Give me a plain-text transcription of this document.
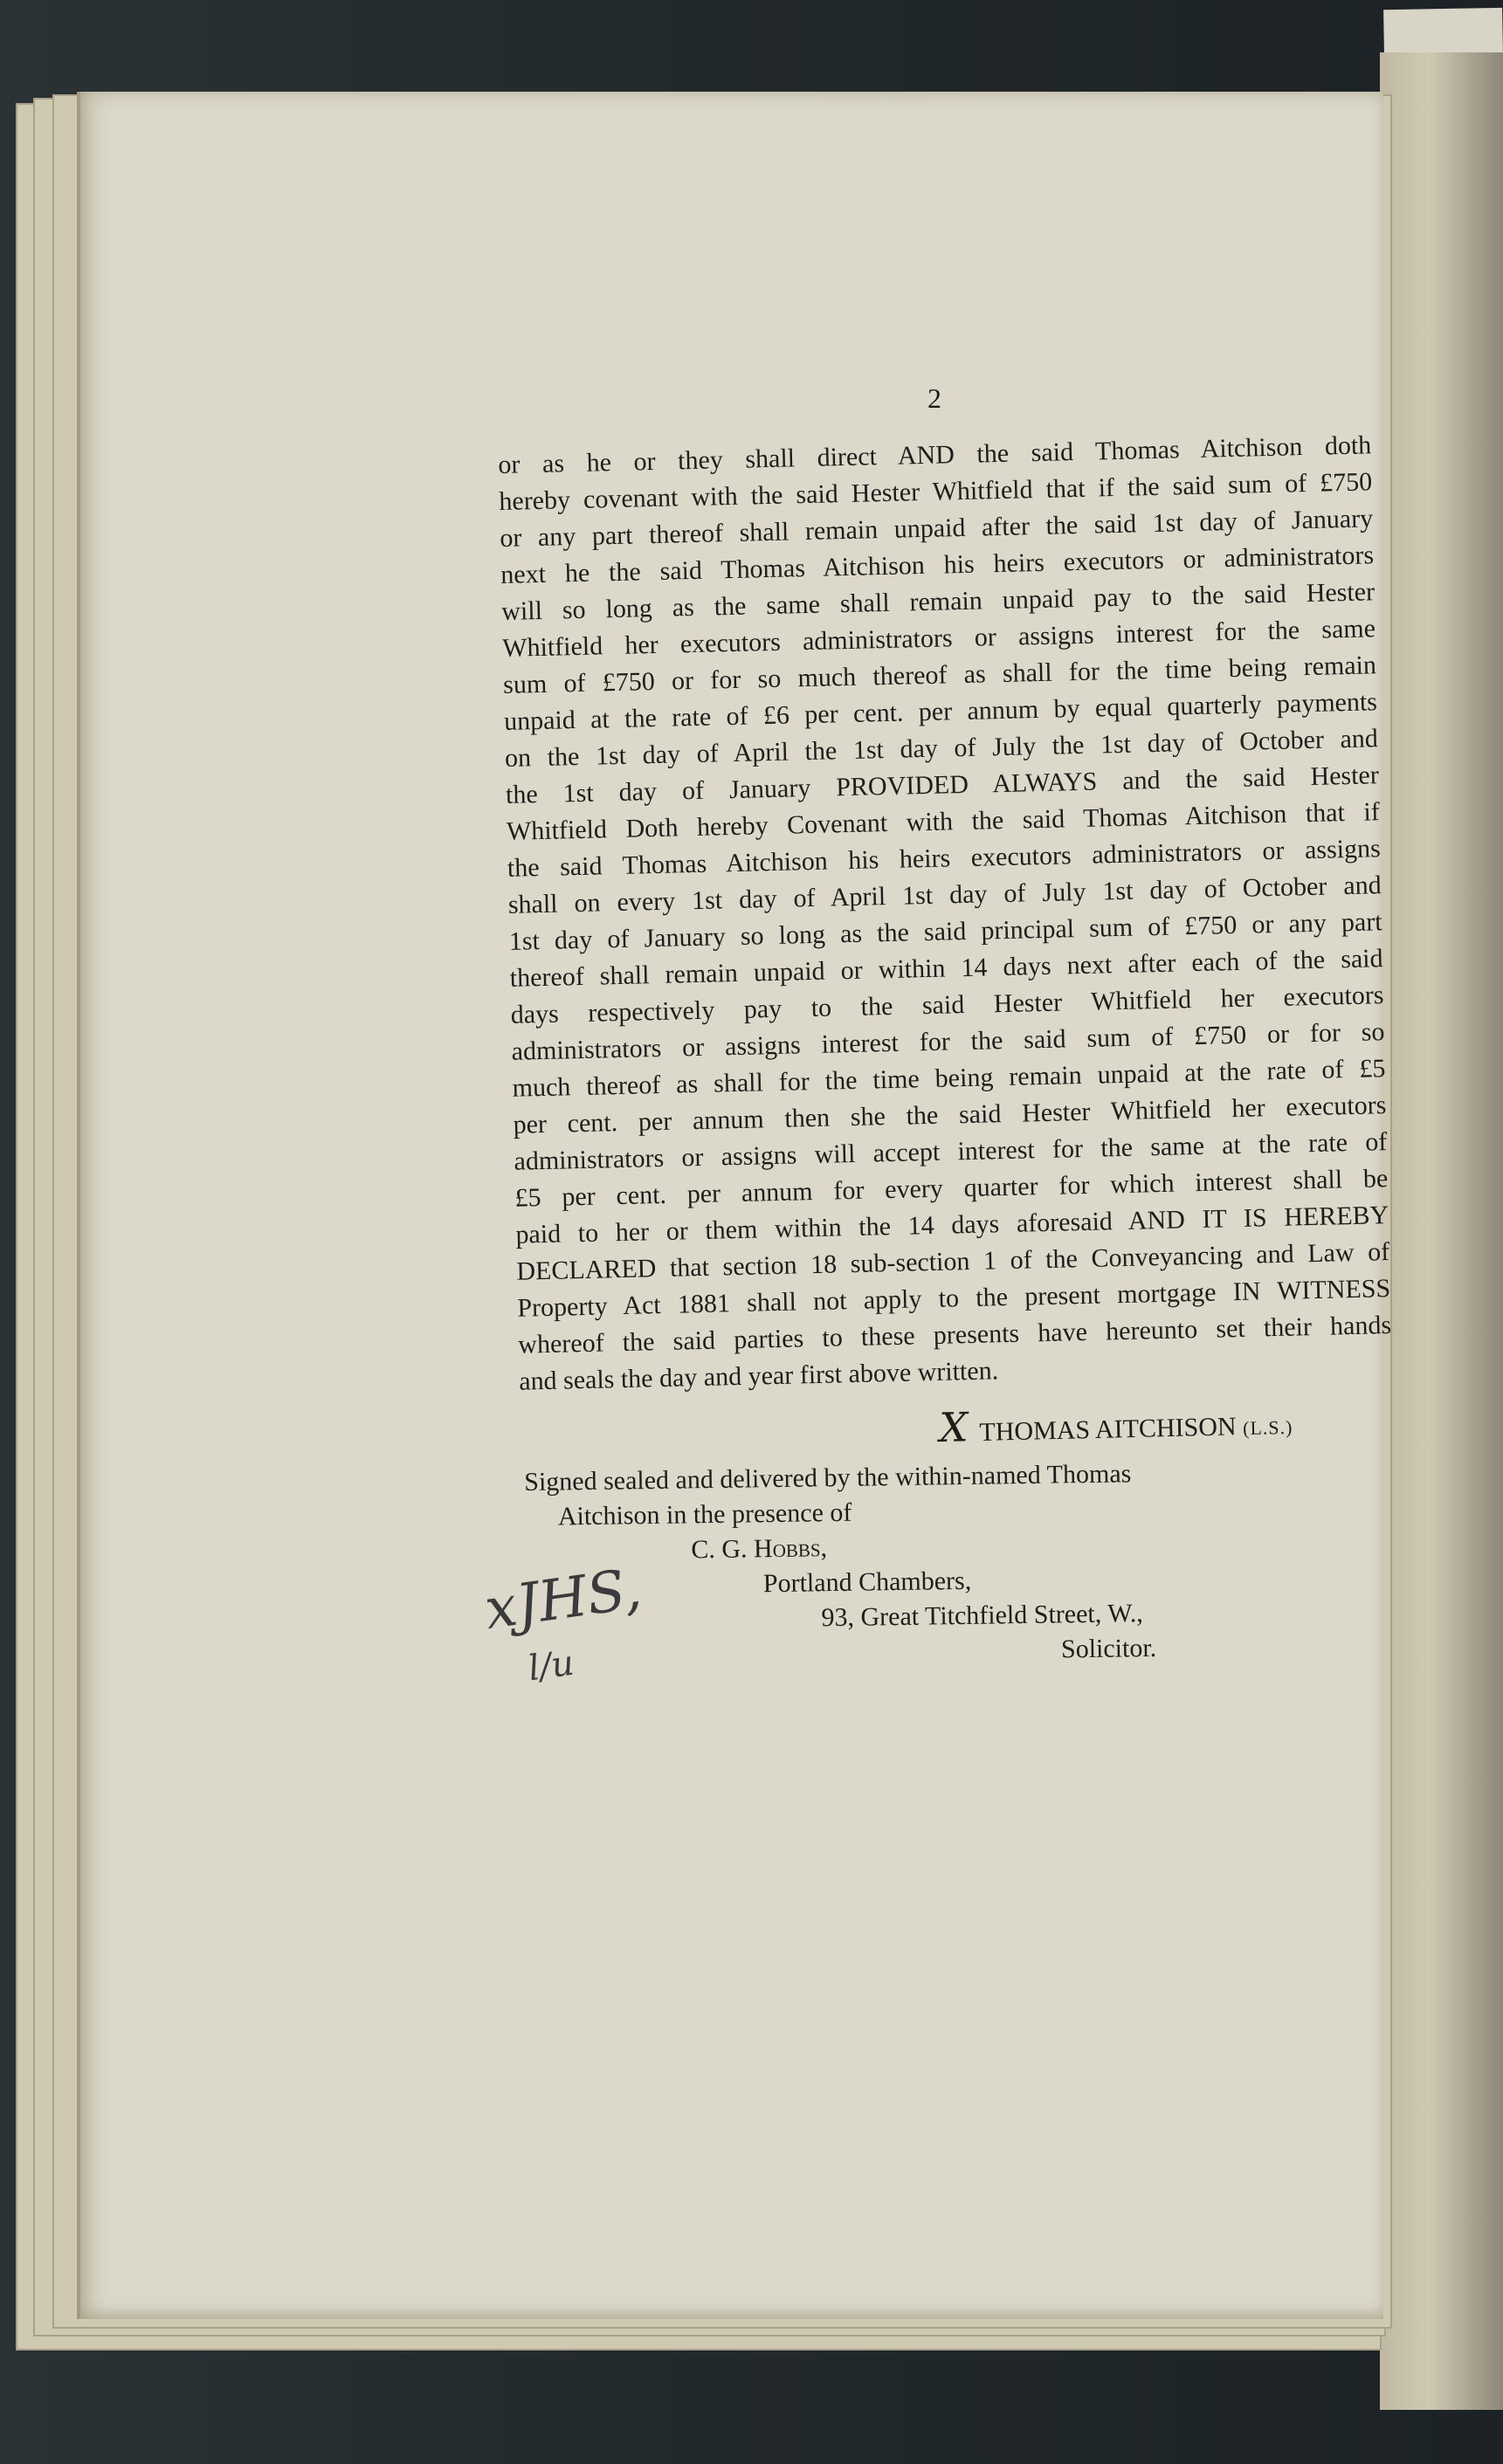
2
or as he or they shall direct AND the said Thomas Aitchison doth
hereby covenant with the said Hester Whitfield that if the said sum of £750
or any part thereof shall remain unpaid after the said 1st day of January
next he the said Thomas Aitchison his heirs executors or administrators
will so long as the same shall remain unpaid pay to the said Hester
Whitfield her executors administrators or assigns interest for the same
sum of £750 or for so much thereof as shall for the time being remain
unpaid at the rate of £6 per cent. per annum by equal quarterly payments
on the 1st day of April the 1st day of July the 1st day of October and
the 1st day of January PROVIDED ALWAYS and the said Hester
Whitfield Doth hereby Covenant with the said Thomas Aitchison that if
the said Thomas Aitchison his heirs executors administrators or assigns
shall on every 1st day of April 1st day of July 1st day of October and
1st day of January so long as the said principal sum of £750 or any part
thereof shall remain unpaid or within 14 days next after each of the said
days respectively pay to the said Hester Whitfield her executors
administrators or assigns interest for the said sum of £750 or for so
much thereof as shall for the time being remain unpaid at the rate of £5
per cent. per annum then she the said Hester Whitfield her executors
administrators or assigns will accept interest for the same at the rate of
£5 per cent. per annum for every quarter for which interest shall be
paid to her or them within the 14 days aforesaid AND IT IS HEREBY
DECLARED that section 18 sub-section 1 of the Conveyancing and Law of
Property Act 1881 shall not apply to the present mortgage IN WITNESS
whereof the said parties to these presents have hereunto set their hands
and seals the day and year first above written.
X THOMAS AITCHISON (L.S.)
Signed sealed and delivered by the within-named Thomas
Aitchison in the presence of
C. G. Hobbs,
Portland Chambers,
93, Great Titchfield Street, W.,
Solicitor.
xJHS,
l/u
